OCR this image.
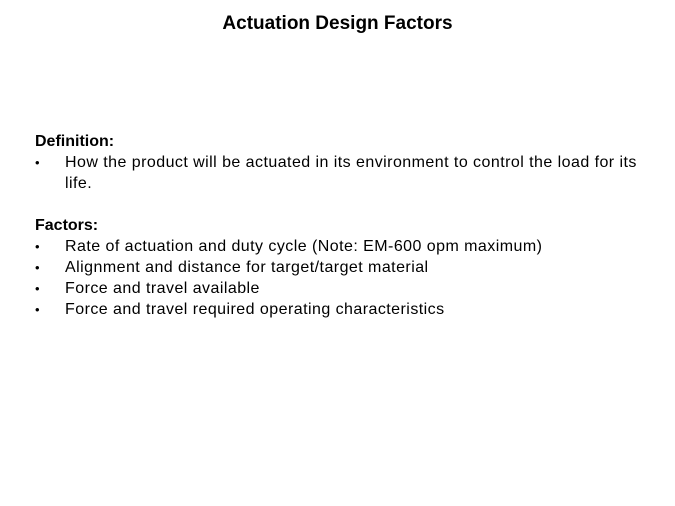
Actuation Design Factors
Definition:
•	How the product will be actuated in its environment to control the load for its life.
Factors:
•	Rate of actuation and duty cycle (Note: EM-600 opm maximum)
•	Alignment and distance for target/target material
•	Force and travel available
•	Force and travel required operating characteristics
